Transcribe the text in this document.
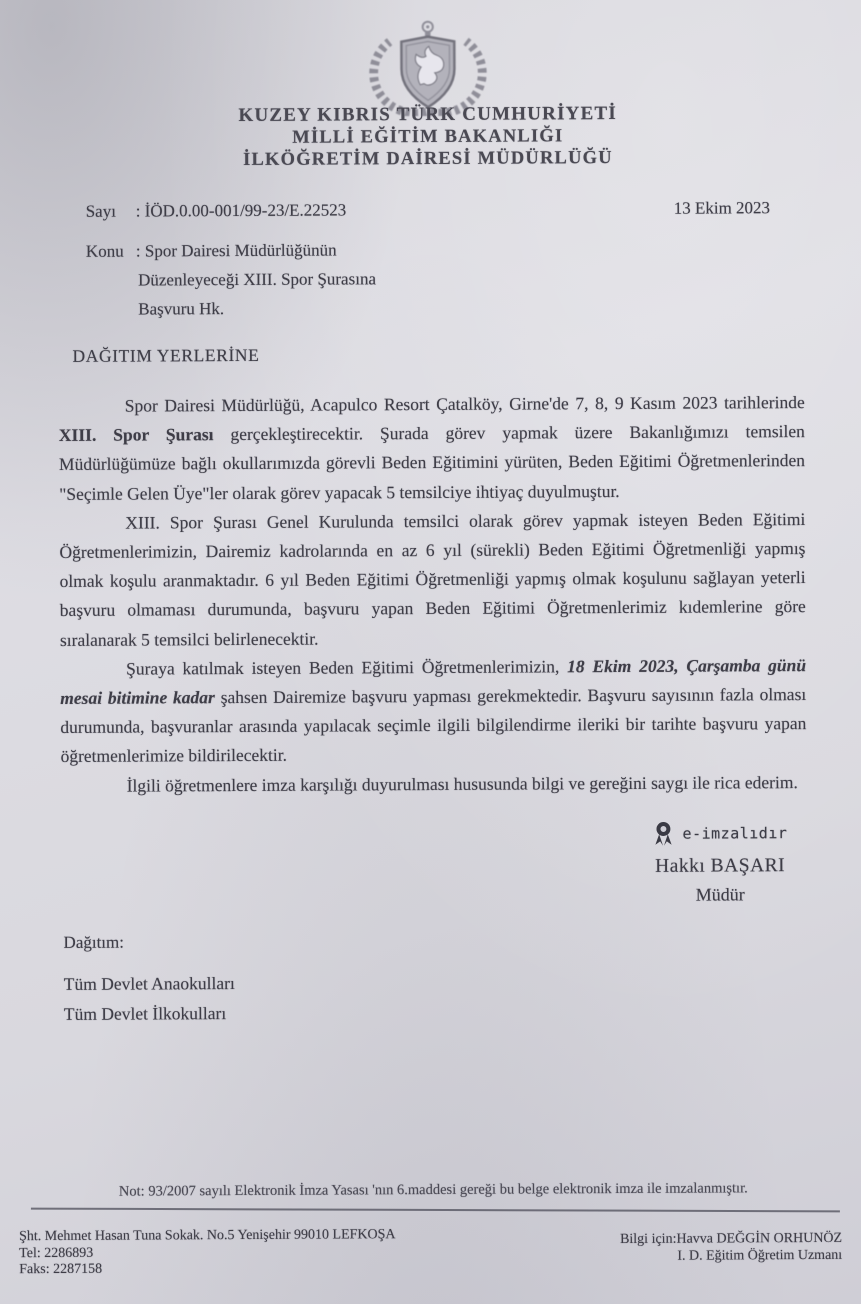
KUZEY KIBRIS TÜRK CUMHURİYETİ
MİLLİ EĞİTİM BAKANLIĞI
İLKÖĞRETİM DAİRESİ MÜDÜRLÜĞÜ
Sayı : İÖD.0.00-001/99-23/E.22523	13 Ekim 2023
Konu : Spor Dairesi Müdürlüğünün
Düzenleyeceği XIII. Spor Şurasına
Başvuru Hk.
DAĞITIM YERLERİNE

Spor Dairesi Müdürlüğü, Acapulco Resort Çatalköy, Girne'de 7, 8, 9 Kasım 2023 tarihlerinde XIII. Spor Şurası gerçekleştirecektir. Şurada görev yapmak üzere Bakanlığımızı temsilen Müdürlüğümüze bağlı okullarımızda görevli Beden Eğitimini yürüten, Beden Eğitimi Öğretmenlerinden "Seçimle Gelen Üye"ler olarak görev yapacak 5 temsilciye ihtiyaç duyulmuştur.

XIII. Spor Şurası Genel Kurulunda temsilci olarak görev yapmak isteyen Beden Eğitimi Öğretmenlerimizin, Dairemiz kadrolarında en az 6 yıl (sürekli) Beden Eğitimi Öğretmenliği yapmış olmak koşulu aranmaktadır. 6 yıl Beden Eğitimi Öğretmenliği yapmış olmak koşulunu sağlayan yeterli başvuru olmaması durumunda, başvuru yapan Beden Eğitimi Öğretmenlerimiz kıdemlerine göre sıralanarak 5 temsilci belirlenecektir.

Şuraya katılmak isteyen Beden Eğitimi Öğretmenlerimizin, 18 Ekim 2023, Çarşamba günü mesai bitimine kadar şahsen Dairemize başvuru yapması gerekmektedir. Başvuru sayısının fazla olması durumunda, başvuranlar arasında yapılacak seçimle ilgili bilgilendirme ileriki bir tarihte başvuru yapan öğretmenlerimize bildirilecektir.

İlgili öğretmenlere imza karşılığı duyurulması hususunda bilgi ve gereğini saygı ile rica ederim.

e-imzalıdır
Hakkı BAŞARI
Müdür
Dağıtım:
Tüm Devlet Anaokulları
Tüm Devlet İlkokulları
Not: 93/2007 sayılı Elektronik İmza Yasası 'nın 6.maddesi gereği bu belge elektronik imza ile imzalanmıştır.
Şht. Mehmet Hasan Tuna Sokak. No.5 Yenişehir 99010 LEFKOŞA
Tel: 2286893
Faks: 2287158
Bilgi için:Havva DEĞGİN ORHUNÖZ
I. D. Eğitim Öğretim Uzmanı
